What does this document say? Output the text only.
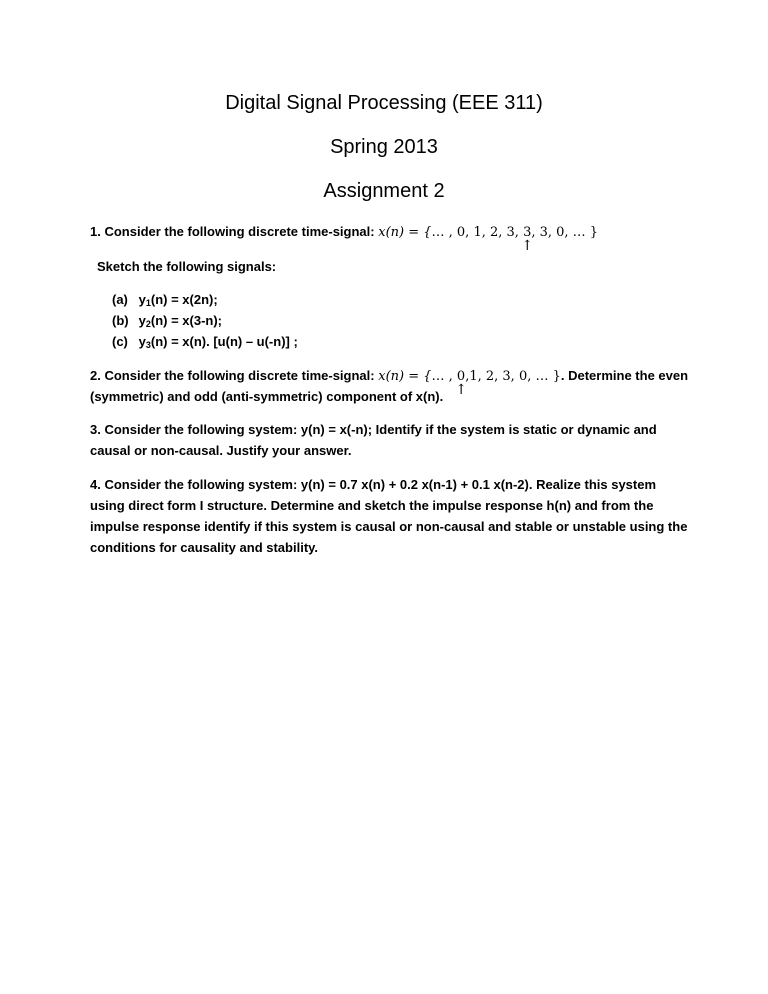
Digital Signal Processing (EEE 311)
Spring 2013
Assignment 2
1. Consider the following discrete time-signal: x(n) = {… , 0, 1, 2, 3, 3
↑
, 3, 0, … }
Sketch the following signals:
(a) $y_1(n) = x(2n)$;
(b) $y_2(n) = x(3-n)$;
(c) $y_3(n) = x(n)$. [u(n) – u(-n)] ;
2. Consider the following discrete time-signal: x(n) = {… , 0
↑
,1, 2, 3, 0, … }. Determine the even
(symmetric) and odd (anti-symmetric) component of x(n).
3. Consider the following system: y(n) = x(-n); Identify if the system is static or dynamic and
causal or non-causal. Justify your answer.
4. Consider the following system: y(n) = 0.7 x(n) + 0.2 x(n-1) + 0.1 x(n-2). Realize this system
using direct form I structure. Determine and sketch the impulse response h(n) and from the
impulse response identify if this system is causal or non-causal and stable or unstable using the
conditions for causality and stability.
